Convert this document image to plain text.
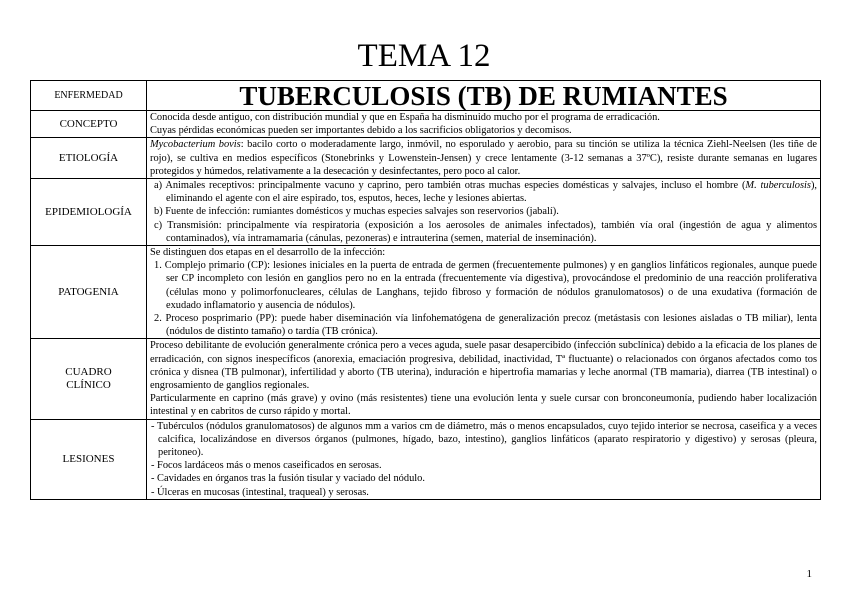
TEMA 12
ENFERMEDAD	TUBERCULOSIS (TB) DE RUMIANTES
CONCEPTO	Conocida desde antiguo, con distribución mundial y que en España ha disminuido mucho por el programa de erradicación.
Cuyas pérdidas económicas pueden ser importantes debido a los sacrificios obligatorios y decomisos.

ETIOLOGÍA	Mycobacterium bovis: bacilo corto o moderadamente largo, inmóvil, no esporulado y aerobio, para su tinción se utiliza la técnica Ziehl-Neelsen (les tiñe de rojo), se cultiva en medios específicos (Stonebrinks y Lowenstein-Jensen) y crece lentamente (3-12 semanas a 37ºC), resiste durante semanas en lugares protegidos y húmedos, relativamente a la desecación y desinfectantes, pero poco al calor.
EPIDEMIOLOGÍA	a) Animales receptivos: principalmente vacuno y caprino, pero también otras muchas especies domésticas y salvajes, incluso el hombre (M. tuberculosis), eliminando el agente con el aire espirado, tos, esputos, heces, leche y lesiones abiertas.
b) Fuente de infección: rumiantes domésticos y muchas especies salvajes son reservorios (jabalí).
c) Transmisión: principalmente vía respiratoria (exposición a los aerosoles de animales infectados), también vía oral (ingestión de agua y alimentos contaminados), vía intramamaria (cánulas, pezoneras) e intrauterina (semen, material de inseminación).

PATOGENIA	Se distinguen dos etapas en el desarrollo de la infección:
1. Complejo primario (CP): lesiones iniciales en la puerta de entrada de germen (frecuentemente pulmones) y en ganglios linfáticos regionales, aunque puede ser CP incompleto con lesión en ganglios pero no en la entrada (frecuentemente vía digestiva), provocándose el predominio de una reacción proliferativa (células mono y polimorfonucleares, células de Langhans, tejido fibroso y formación de nódulos granulomatosos) o de una exudativa (formación de exudado inflamatorio y ausencia de nódulos).
2. Proceso posprimario (PP): puede haber diseminación vía linfohematógena de generalización precoz (metástasis con lesiones aisladas o TB miliar), lenta (nódulos de distinto tamaño) o tardía (TB crónica).

CUADRO
CLÍNICO	Proceso debilitante de evolución generalmente crónica pero a veces aguda, suele pasar desapercibido (infección subclínica) debido a la eficacia de los planes de erradicación, con signos inespecíficos (anorexia, emaciación progresiva, debilidad, inactividad, Tª fluctuante) o relacionados con órganos afectados como tos crónica y disnea (TB pulmonar), infertilidad y aborto (TB uterina), induración e hipertrofia mamarias y leche anormal (TB mamaria), diarrea (TB intestinal) o engrosamiento de ganglios regionales.
Particularmente en caprino (más grave) y ovino (más resistentes) tiene una evolución lenta y suele cursar con bronconeumonía, pudiendo haber localización intestinal y en cabritos de curso rápido y mortal.

LESIONES	- Tubérculos (nódulos granulomatosos) de algunos mm a varios cm de diámetro, más o menos encapsulados, cuyo tejido interior se necrosa, caseifica y a veces calcifica, localizándose en diversos órganos (pulmones, hígado, bazo, intestino), ganglios linfáticos (aparato respiratorio y digestivo) y serosas (pleura, peritoneo).
- Focos lardáceos más o menos caseificados en serosas.
- Cavidades en órganos tras la fusión tisular y vaciado del nódulo.
- Úlceras en mucosas (intestinal, traqueal) y serosas.
1
